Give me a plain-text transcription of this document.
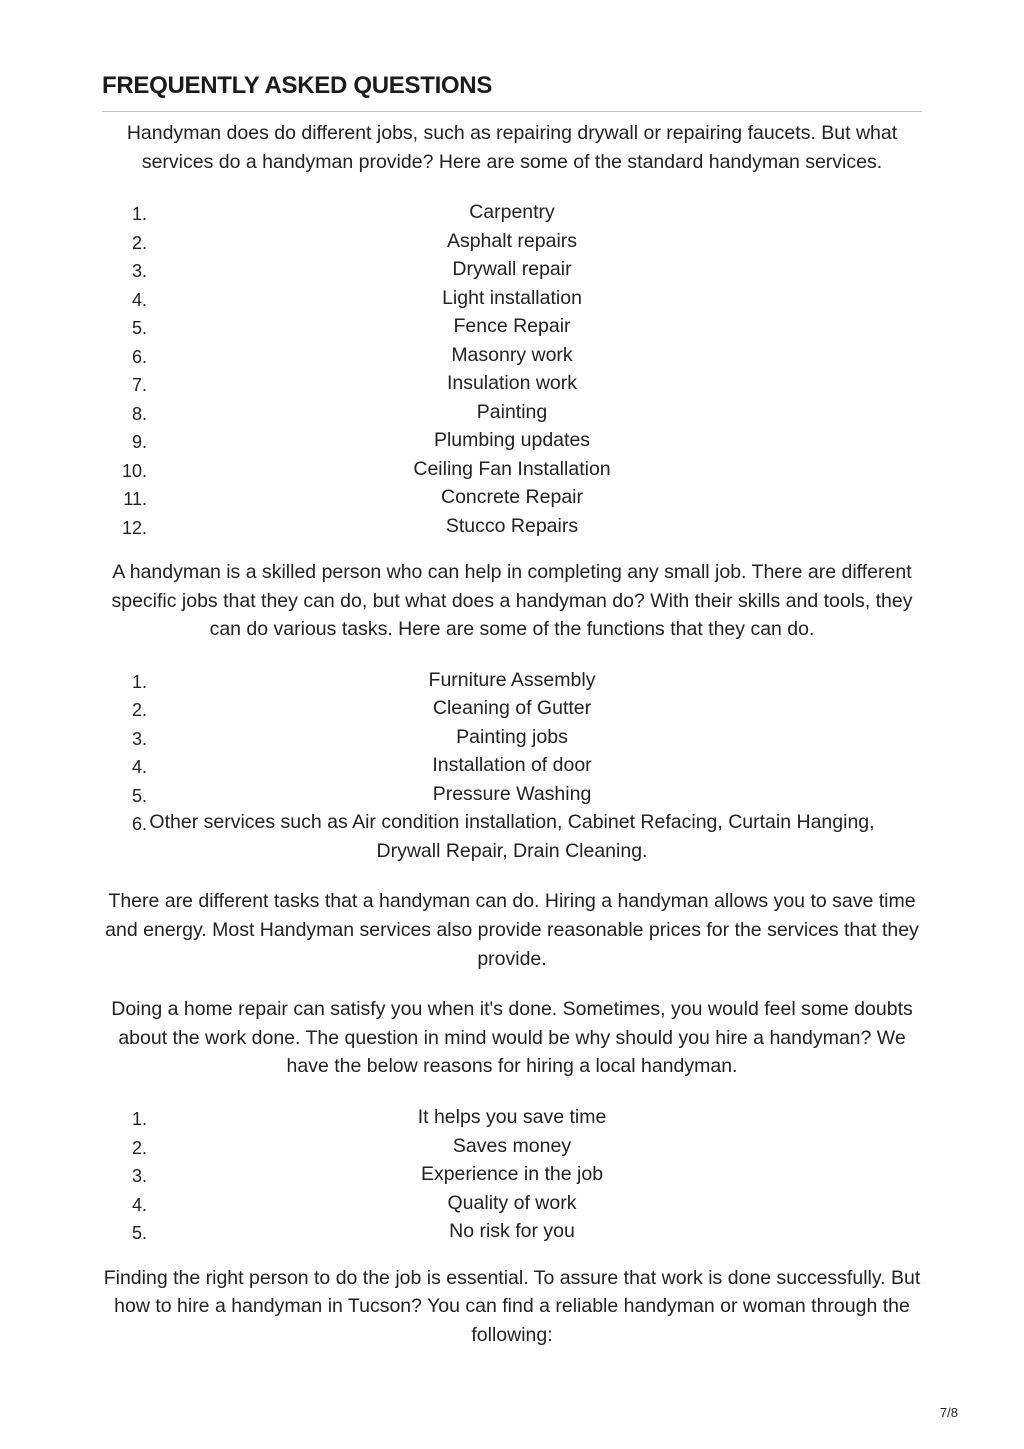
FREQUENTLY ASKED QUESTIONS

Handyman does do different jobs, such as repairing drywall or repairing faucets. But what services do a handyman provide? Here are some of the standard handyman services.

1.	Carpentry
2.	Asphalt repairs
3.	Drywall repair
4.	Light installation
5.	Fence Repair
6.	Masonry work
7.	Insulation work
8.	Painting
9.	Plumbing updates
10.	Ceiling Fan Installation
11.	Concrete Repair
12.	Stucco Repairs

A handyman is a skilled person who can help in completing any small job. There are different specific jobs that they can do, but what does a handyman do? With their skills and tools, they can do various tasks. Here are some of the functions that they can do.

1.	Furniture Assembly
2.	Cleaning of Gutter
3.	Painting jobs
4.	Installation of door
5.	Pressure Washing
6. Other services such as Air condition installation, Cabinet Refacing, Curtain Hanging, Drywall Repair, Drain Cleaning.

There are different tasks that a handyman can do. Hiring a handyman allows you to save time and energy. Most Handyman services also provide reasonable prices for the services that they provide.

Doing a home repair can satisfy you when it's done. Sometimes, you would feel some doubts about the work done. The question in mind would be why should you hire a handyman? We have the below reasons for hiring a local handyman.

1.	It helps you save time
2.	Saves money
3.	Experience in the job
4.	Quality of work
5.	No risk for you

Finding the right person to do the job is essential. To assure that work is done successfully. But how to hire a handyman in Tucson? You can find a reliable handyman or woman through the following:

7/8
